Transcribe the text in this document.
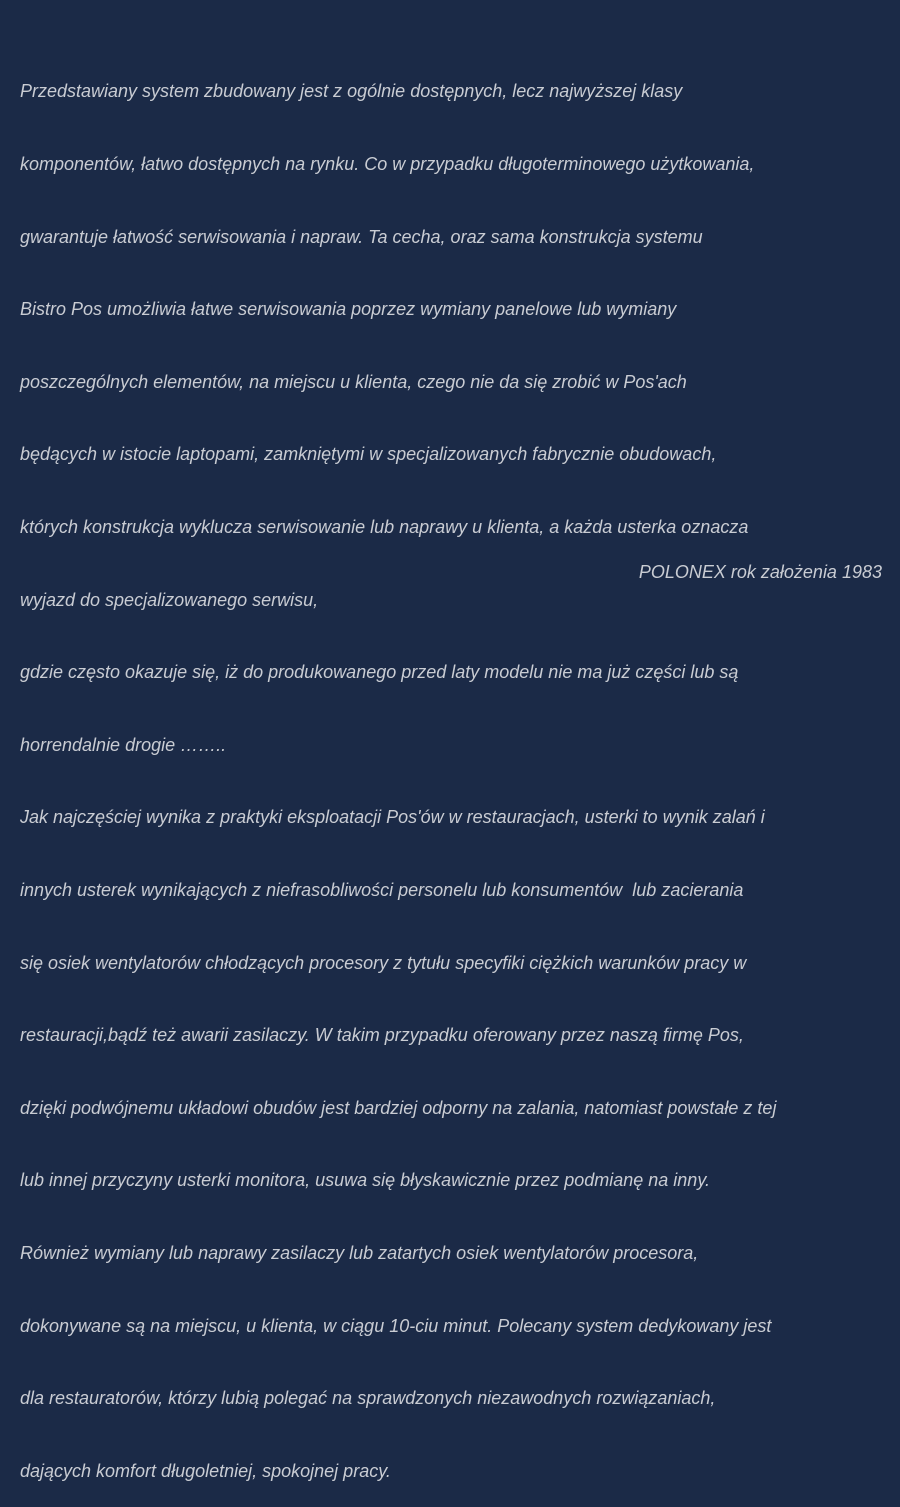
Przedstawiany system zbudowany jest z ogólnie dostępnych, lecz najwyższej klasy

komponentów, łatwo dostępnych na rynku. Co w przypadku długoterminowego użytkowania,

gwarantuje łatwość serwisowania i napraw. Ta cecha, oraz sama konstrukcja systemu

Bistro Pos umożliwia łatwe serwisowania poprzez wymiany panelowe lub wymiany

poszczególnych elementów, na miejscu u klienta, czego nie da się zrobić w Pos'ach

będących w istocie laptopami, zamkniętymi w specjalizowanych fabrycznie obudowach,

których konstrukcja wyklucza serwisowanie lub naprawy u klienta, a każda usterka oznacza

wyjazd do specjalizowanego serwisu,

gdzie często okazuje się, iż do produkowanego przed laty modelu nie ma już części lub są

horrendalnie drogie ……..

Jak najczęściej wynika z praktyki eksploatacji Pos'ów w restauracjach, usterki to wynik zalań i

innych usterek wynikających z niefrasobliwości personelu lub konsumentów  lub zacierania

się osiek wentylatorów chłodzących procesory z tytułu specyfiki ciężkich warunków pracy w

restauracji,bądź też awarii zasilaczy. W takim przypadku oferowany przez naszą firmę Pos,

dzięki podwójnemu układowi obudów jest bardziej odporny na zalania, natomiast powstałe z tej

lub innej przyczyny usterki monitora, usuwa się błyskawicznie przez podmianę na inny.

Również wymiany lub naprawy zasilaczy lub zatartych osiek wentylatorów procesora,

dokonywane są na miejscu, u klienta, w ciągu 10-ciu minut. Polecany system dedykowany jest

dla restauratorów, którzy lubią polegać na sprawdzonych niezawodnych rozwiązaniach,

dających komfort długoletniej, spokojnej pracy.

POLONEX rok założenia 1983
